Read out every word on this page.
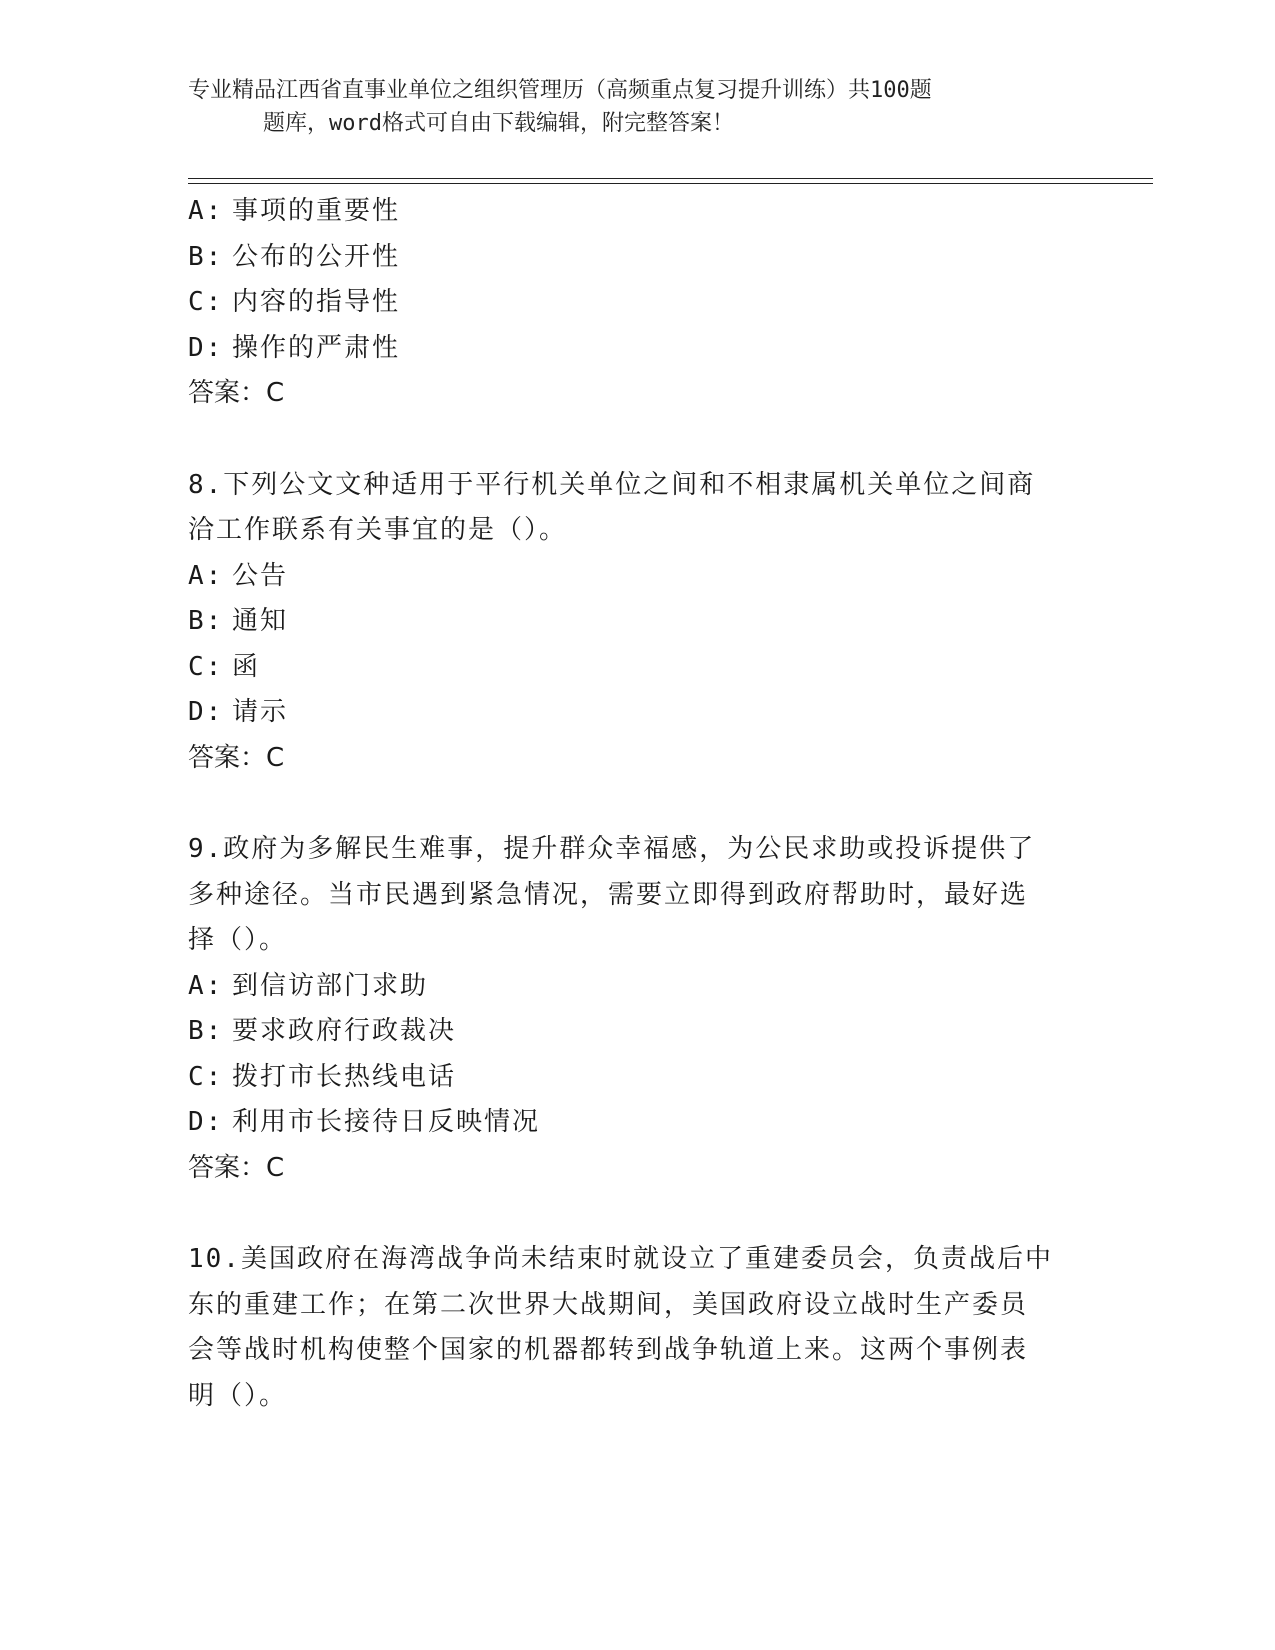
专业精品江西省直事业单位之组织管理历（高频重点复习提升训练）共100题
题库，word格式可自由下载编辑，附完整答案！
A: 事项的重要性
B: 公布的公开性
C: 内容的指导性
D: 操作的严肃性
答案：C
8.下列公文文种适用于平行机关单位之间和不相隶属机关单位之间商
洽工作联系有关事宜的是（）。
A: 公告
B: 通知
C: 函
D: 请示
答案：C
9.政府为多解民生难事，提升群众幸福感，为公民求助或投诉提供了
多种途径。当市民遇到紧急情况，需要立即得到政府帮助时，最好选
择（）。
A: 到信访部门求助
B: 要求政府行政裁决
C: 拨打市长热线电话
D: 利用市长接待日反映情况
答案：C
10.美国政府在海湾战争尚未结束时就设立了重建委员会，负责战后中
东的重建工作；在第二次世界大战期间，美国政府设立战时生产委员
会等战时机构使整个国家的机器都转到战争轨道上来。这两个事例表
明（）。
